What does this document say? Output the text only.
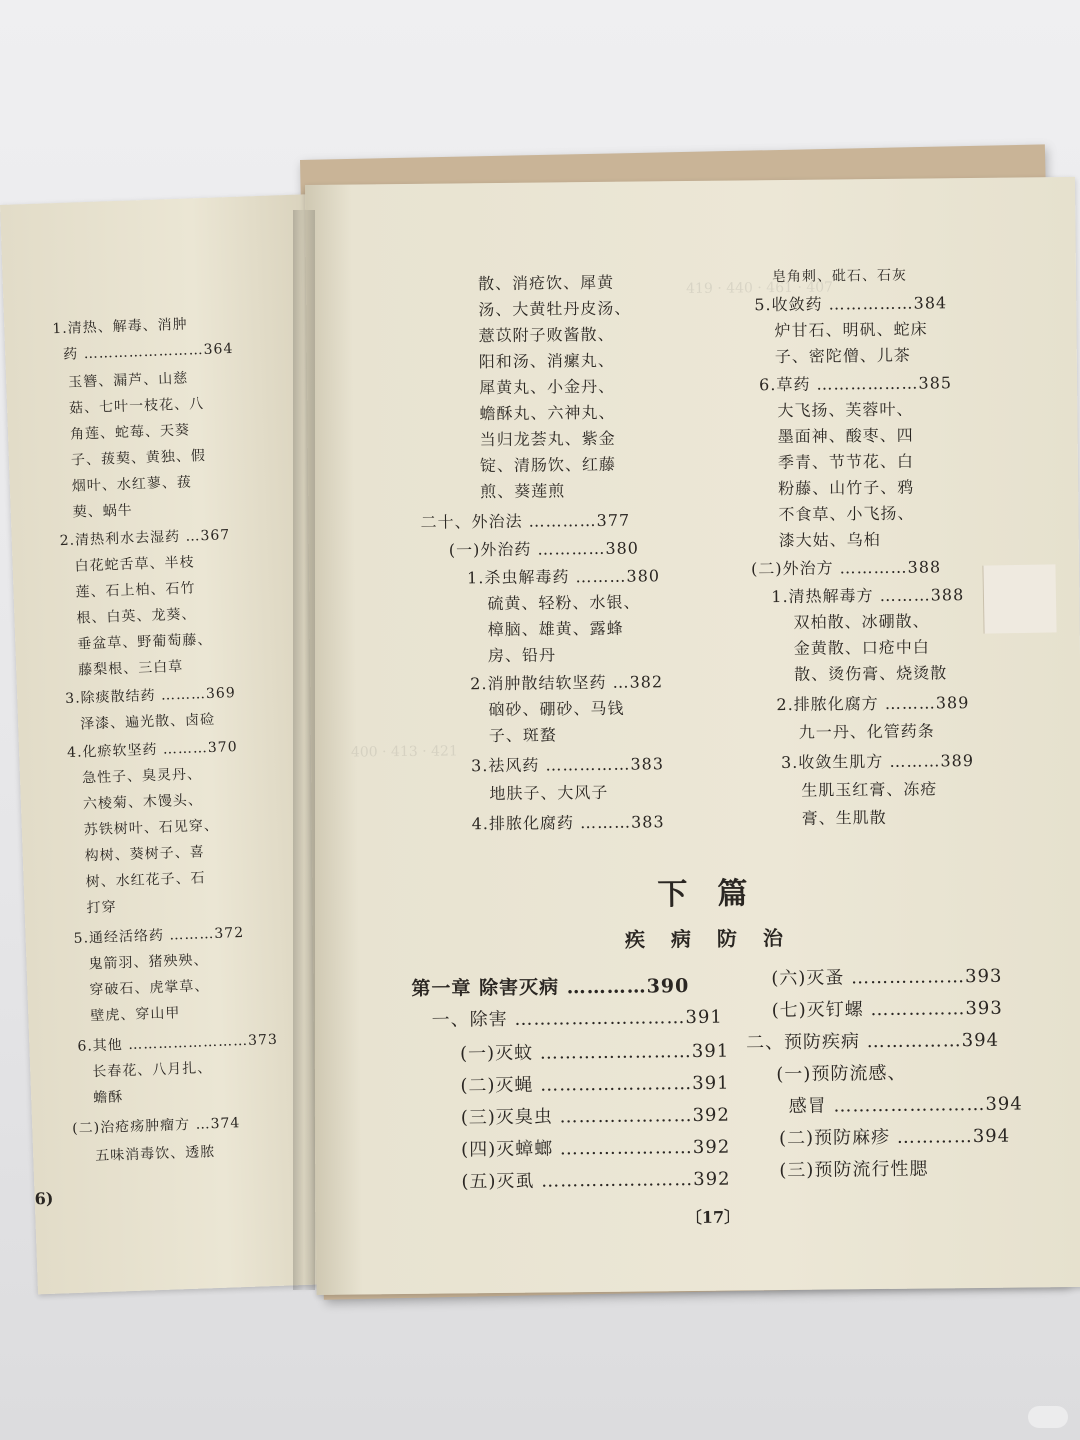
1.清热、解毒、消肿
药 ……………………364
玉簪、漏芦、山慈
菇、七叶一枝花、八
角莲、蛇莓、天葵
子、菝葜、黄独、假
烟叶、水红蓼、菝
葜、蜗牛
2.清热利水去湿药 …367
白花蛇舌草、半枝
莲、石上柏、石竹
根、白英、龙葵、
垂盆草、野葡萄藤、
藤梨根、三白草
3.除痰散结药 ………369
泽漆、遍光散、卤硷
4.化瘀软坚药 ………370
急性子、臭灵丹、
六棱菊、木馒头、
苏铁树叶、石见穿、
构树、葵树子、喜
树、水红花子、石
打穿
5.通经活络药 ………372
鬼箭羽、猪殃殃、
穿破石、虎掌草、
壁虎、穿山甲
6.其他 ……………………373
长春花、八月扎、
蟾酥
(二)治疮疡肿瘤方 …374
五味消毒饮、透脓
6)
419 · 440 · 461 · 407
400 · 413 · 421
散、消疮饮、犀黄
汤、大黄牡丹皮汤、
薏苡附子败酱散、
阳和汤、消瘰丸、
犀黄丸、小金丹、
蟾酥丸、六神丸、
当归龙荟丸、紫金
锭、清肠饮、红藤
煎、葵莲煎
二十、外治法 …………377
(一)外治药 …………380
1.杀虫解毒药 ………380
硫黄、轻粉、水银、
樟脑、雄黄、露蜂
房、铅丹
2.消肿散结软坚药 …382
硇砂、硼砂、马钱
子、斑蝥
3.祛风药 ……………383
地肤子、大风子
4.排脓化腐药 ………383
皂角刺、砒石、石灰
5.收敛药 ……………384
炉甘石、明矾、蛇床
子、密陀僧、儿茶
6.草药 ………………385
大飞扬、芙蓉叶、
墨面神、酸枣、四
季青、节节花、白
粉藤、山竹子、鸦
不食草、小飞扬、
漆大姑、乌桕
(二)外治方 …………388
1.清热解毒方 ………388
双柏散、冰硼散、
金黄散、口疮中白
散、烫伤膏、烧烫散
2.排脓化腐方 ………389
九一丹、化管药条
3.收敛生肌方 ………389
生肌玉红膏、冻疮
膏、生肌散
下篇
疾病防治
第一章 除害灭病 …………390
一、除害 ………………………391
(一)灭蚊 ……………………391
(二)灭蝇 ……………………391
(三)灭臭虫 …………………392
(四)灭蟑螂 …………………392
(五)灭虱 ……………………392
(六)灭蚤 ………………393
(七)灭钉螺 ……………393
二、预防疾病 ……………394
(一)预防流感、
感冒 ……………………394
(二)预防麻疹 …………394
(三)预防流行性腮
〔17〕
